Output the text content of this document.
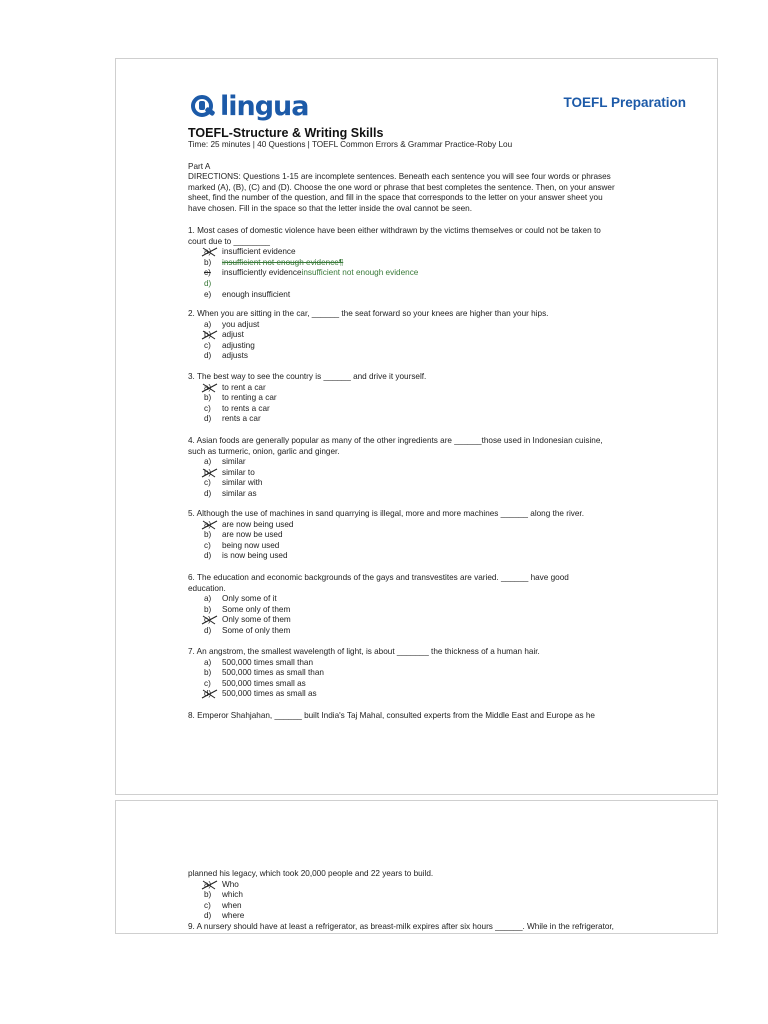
lingua	TOEFL Preparation
TOEFL-Structure & Writing Skills
Time: 25 minutes | 40 Questions | TOEFL Common Errors & Grammar Practice-Roby Lou
Part A
DIRECTIONS: Questions 1-15 are incomplete sentences. Beneath each sentence you will see four words or phrases
marked (A), (B), (C) and (D). Choose the one word or phrase that best completes the sentence. Then, on your answer
sheet, find the number of the question, and fill in the space that corresponds to the letter on your answer sheet you
have chosen. Fill in the space so that the letter inside the oval cannot be seen.
1. Most cases of domestic violence have been either withdrawn by the victims themselves or could not be taken to
court due to ________
a)	insufficient evidence
b)	insufficient not enough evidence¶
c)	insufficiently evidence insufficient not enough evidence
d)
e)	enough insufficient
2. When you are sitting in the car, ______ the seat forward so your knees are higher than your hips.
a)	you adjust
b)	adjust
c)	adjusting
d)	adjusts
3. The best way to see the country is ______ and drive it yourself.
a)	to rent a car
b)	to renting a car
c)	to rents a car
d)	rents a car
4. Asian foods are generally popular as many of the other ingredients are ______those used in Indonesian cuisine,
such as turmeric, onion, garlic and ginger.
a)	similar
b)	similar to
c)	similar with
d)	similar as
5. Although the use of machines in sand quarrying is illegal, more and more machines ______ along the river.
a)	are now being used
b)	are now be used
c)	being now used
d)	is now being used
6. The education and economic backgrounds of the gays and transvestites are varied. ______ have good
education.
a)	Only some of it
b)	Some only of them
c)	Only some of them
d)	Some of only them
7. An angstrom, the smallest wavelength of light, is about _______ the thickness of a human hair.
a)	500,000 times small than
b)	500,000 times as small than
c)	500,000 times small as
d)	500,000 times as small as
8. Emperor Shahjahan, ______ built India's Taj Mahal, consulted experts from the Middle East and Europe as he
planned his legacy, which took 20,000 people and 22 years to build.
a)	Who
b)	which
c)	when
d)	where
9. A nursery should have at least a refrigerator, as breast-milk expires after six hours ______. While in the refrigerator,
